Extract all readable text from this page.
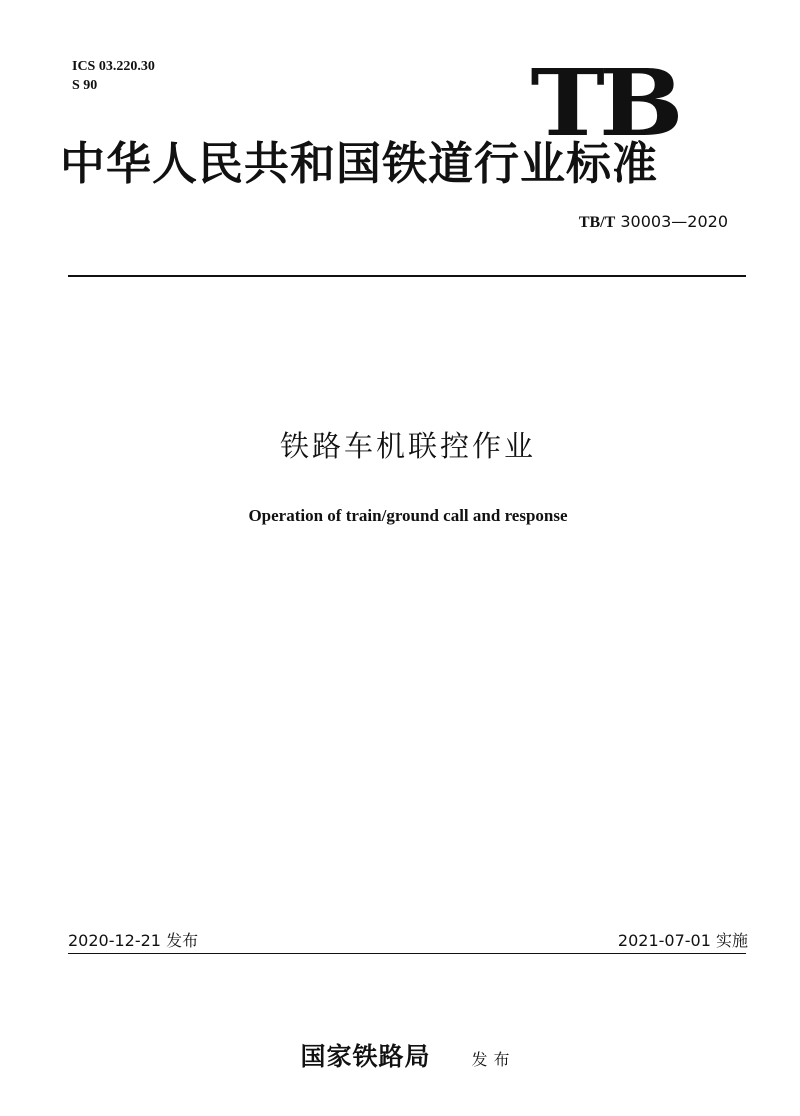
ICS 03.220.30
S 90	TB
中华人民共和国铁道行业标准
TB/T 30003—2020
铁路车机联控作业
Operation of train/ground call and response
2020-12-21 发布	2021-07-01 实施
国家铁路局	发布
